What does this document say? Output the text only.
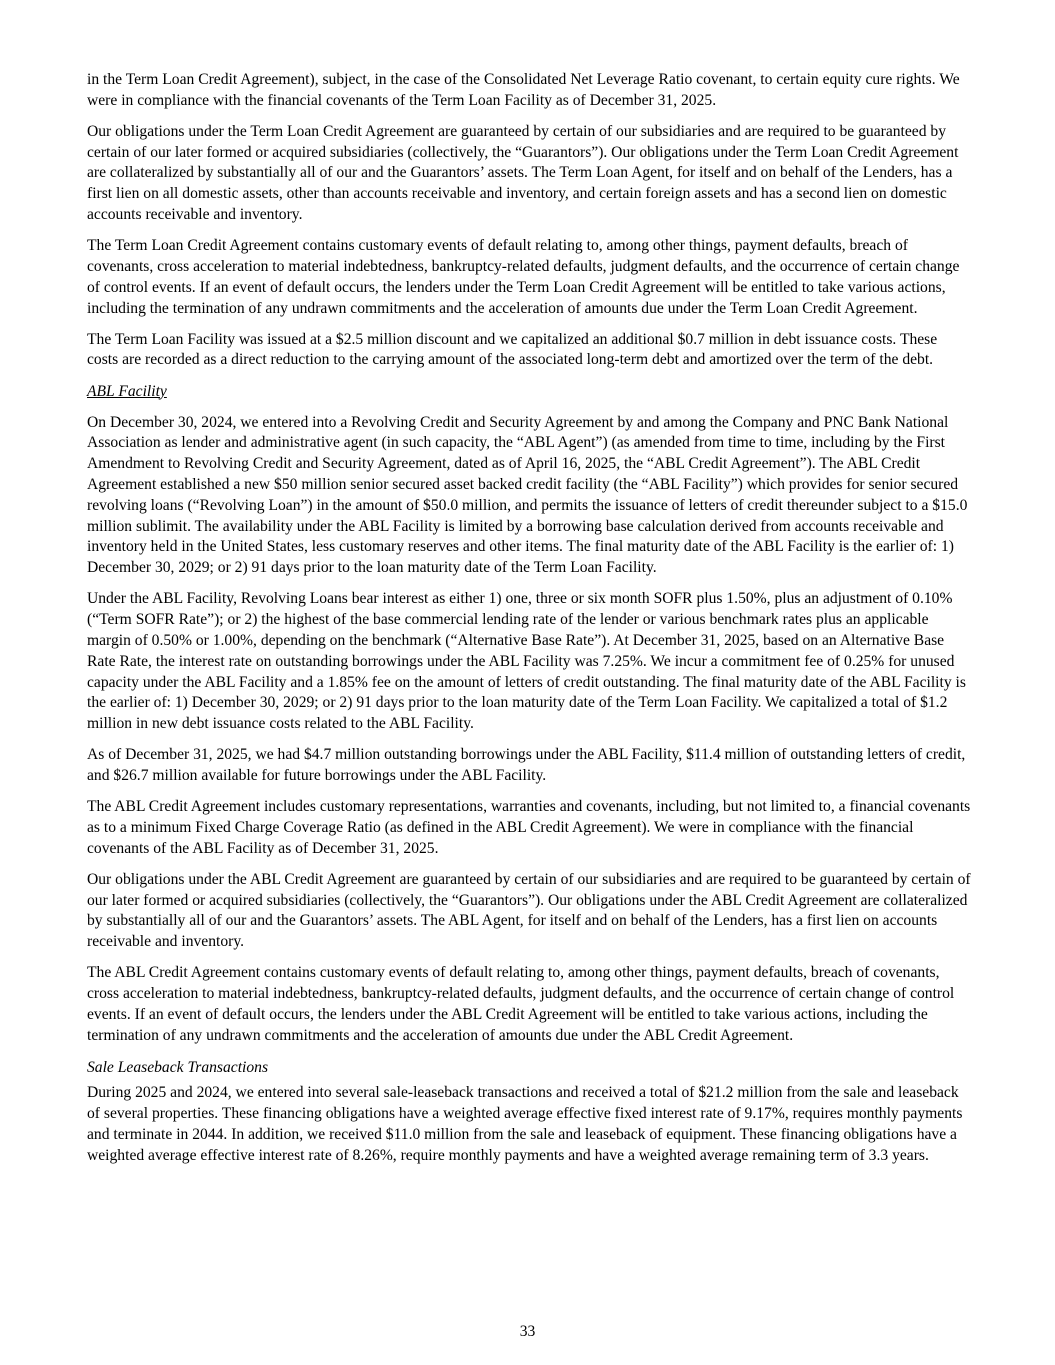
in the Term Loan Credit Agreement), subject, in the case of the Consolidated Net Leverage Ratio covenant, to certain equity cure rights. We were in compliance with the financial covenants of the Term Loan Facility as of December 31, 2025.

Our obligations under the Term Loan Credit Agreement are guaranteed by certain of our subsidiaries and are required to be guaranteed by certain of our later formed or acquired subsidiaries (collectively, the “Guarantors”). Our obligations under the Term Loan Credit Agreement are collateralized by substantially all of our and the Guarantors’ assets. The Term Loan Agent, for itself and on behalf of the Lenders, has a first lien on all domestic assets, other than accounts receivable and inventory, and certain foreign assets and has a second lien on domestic accounts receivable and inventory.

The Term Loan Credit Agreement contains customary events of default relating to, among other things, payment defaults, breach of covenants, cross acceleration to material indebtedness, bankruptcy-related defaults, judgment defaults, and the occurrence of certain change of control events. If an event of default occurs, the lenders under the Term Loan Credit Agreement will be entitled to take various actions, including the termination of any undrawn commitments and the acceleration of amounts due under the Term Loan Credit Agreement.

The Term Loan Facility was issued at a $2.5 million discount and we capitalized an additional $0.7 million in debt issuance costs. These costs are recorded as a direct reduction to the carrying amount of the associated long-term debt and amortized over the term of the debt.

ABL Facility

On December 30, 2024, we entered into a Revolving Credit and Security Agreement by and among the Company and PNC Bank National Association as lender and administrative agent (in such capacity, the “ABL Agent”) (as amended from time to time, including by the First Amendment to Revolving Credit and Security Agreement, dated as of April 16, 2025, the “ABL Credit Agreement”). The ABL Credit Agreement established a new $50 million senior secured asset backed credit facility (the “ABL Facility”) which provides for senior secured revolving loans (“Revolving Loan”) in the amount of $50.0 million, and permits the issuance of letters of credit thereunder subject to a $15.0 million sublimit. The availability under the ABL Facility is limited by a borrowing base calculation derived from accounts receivable and inventory held in the United States, less customary reserves and other items. The final maturity date of the ABL Facility is the earlier of: 1) December 30, 2029; or 2) 91 days prior to the loan maturity date of the Term Loan Facility.

Under the ABL Facility, Revolving Loans bear interest as either 1) one, three or six month SOFR plus 1.50%, plus an adjustment of 0.10% (“Term SOFR Rate”); or 2) the highest of the base commercial lending rate of the lender or various benchmark rates plus an applicable margin of 0.50% or 1.00%, depending on the benchmark (“Alternative Base Rate”). At December 31, 2025, based on an Alternative Base Rate Rate, the interest rate on outstanding borrowings under the ABL Facility was 7.25%. We incur a commitment fee of 0.25% for unused capacity under the ABL Facility and a 1.85% fee on the amount of letters of credit outstanding. The final maturity date of the ABL Facility is the earlier of: 1) December 30, 2029; or 2) 91 days prior to the loan maturity date of the Term Loan Facility. We capitalized a total of $1.2 million in new debt issuance costs related to the ABL Facility.

As of December 31, 2025, we had $4.7 million outstanding borrowings under the ABL Facility, $11.4 million of outstanding letters of credit, and $26.7 million available for future borrowings under the ABL Facility.

The ABL Credit Agreement includes customary representations, warranties and covenants, including, but not limited to, a financial covenants as to a minimum Fixed Charge Coverage Ratio (as defined in the ABL Credit Agreement). We were in compliance with the financial covenants of the ABL Facility as of December 31, 2025.

Our obligations under the ABL Credit Agreement are guaranteed by certain of our subsidiaries and are required to be guaranteed by certain of our later formed or acquired subsidiaries (collectively, the “Guarantors”). Our obligations under the ABL Credit Agreement are collateralized by substantially all of our and the Guarantors’ assets. The ABL Agent, for itself and on behalf of the Lenders, has a first lien on accounts receivable and inventory.

The ABL Credit Agreement contains customary events of default relating to, among other things, payment defaults, breach of covenants, cross acceleration to material indebtedness, bankruptcy-related defaults, judgment defaults, and the occurrence of certain change of control events. If an event of default occurs, the lenders under the ABL Credit Agreement will be entitled to take various actions, including the termination of any undrawn commitments and the acceleration of amounts due under the ABL Credit Agreement.

Sale Leaseback Transactions

During 2025 and 2024, we entered into several sale-leaseback transactions and received a total of $21.2 million from the sale and leaseback of several properties. These financing obligations have a weighted average effective fixed interest rate of 9.17%, requires monthly payments and terminate in 2044. In addition, we received $11.0 million from the sale and leaseback of equipment. These financing obligations have a weighted average effective interest rate of 8.26%, require monthly payments and have a weighted average remaining term of 3.3 years.

33
